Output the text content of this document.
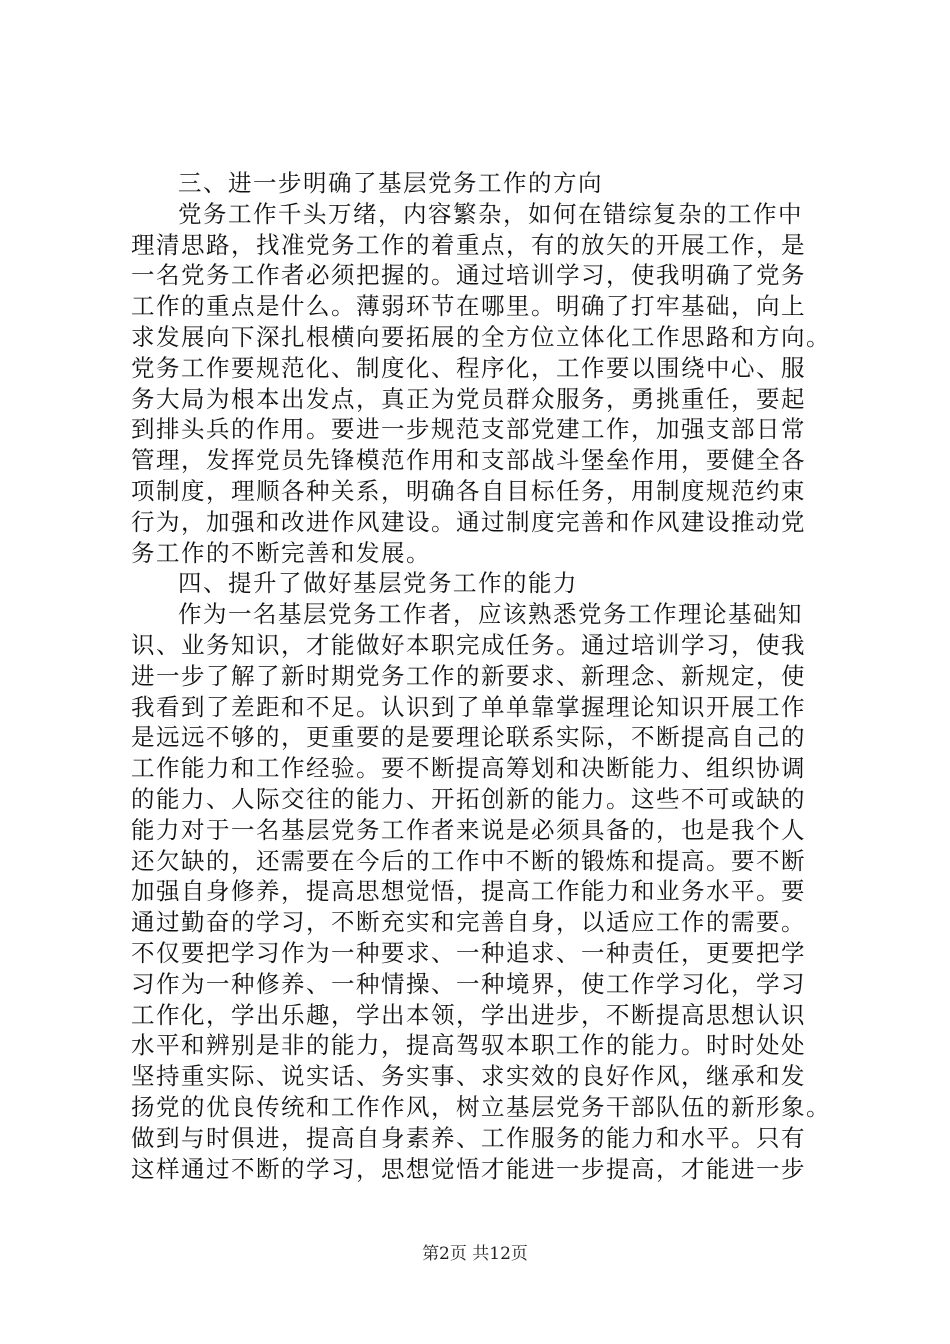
三、进一步明确了基层党务工作的方向
党务工作千头万绪，内容繁杂，如何在错综复杂的工作中
理清思路，找准党务工作的着重点，有的放矢的开展工作，是
一名党务工作者必须把握的。通过培训学习，使我明确了党务
工作的重点是什么。薄弱环节在哪里。明确了打牢基础，向上
求发展向下深扎根横向要拓展的全方位立体化工作思路和方向。
党务工作要规范化、制度化、程序化，工作要以围绕中心、服
务大局为根本出发点，真正为党员群众服务，勇挑重任，要起
到排头兵的作用。要进一步规范支部党建工作，加强支部日常
管理，发挥党员先锋模范作用和支部战斗堡垒作用，要健全各
项制度，理顺各种关系，明确各自目标任务，用制度规范约束
行为，加强和改进作风建设。通过制度完善和作风建设推动党
务工作的不断完善和发展。
四、提升了做好基层党务工作的能力
作为一名基层党务工作者，应该熟悉党务工作理论基础知
识、业务知识，才能做好本职完成任务。通过培训学习，使我
进一步了解了新时期党务工作的新要求、新理念、新规定，使
我看到了差距和不足。认识到了单单靠掌握理论知识开展工作
是远远不够的，更重要的是要理论联系实际，不断提高自己的
工作能力和工作经验。要不断提高筹划和决断能力、组织协调
的能力、人际交往的能力、开拓创新的能力。这些不可或缺的
能力对于一名基层党务工作者来说是必须具备的，也是我个人
还欠缺的，还需要在今后的工作中不断的锻炼和提高。要不断
加强自身修养，提高思想觉悟，提高工作能力和业务水平。要
通过勤奋的学习，不断充实和完善自身，以适应工作的需要。
不仅要把学习作为一种要求、一种追求、一种责任，更要把学
习作为一种修养、一种情操、一种境界，使工作学习化，学习
工作化，学出乐趣，学出本领，学出进步，不断提高思想认识
水平和辨别是非的能力，提高驾驭本职工作的能力。时时处处
坚持重实际、说实话、务实事、求实效的良好作风，继承和发
扬党的优良传统和工作作风，树立基层党务干部队伍的新形象。
做到与时俱进，提高自身素养、工作服务的能力和水平。只有
这样通过不断的学习，思想觉悟才能进一步提高，才能进一步
第2页 共12页
